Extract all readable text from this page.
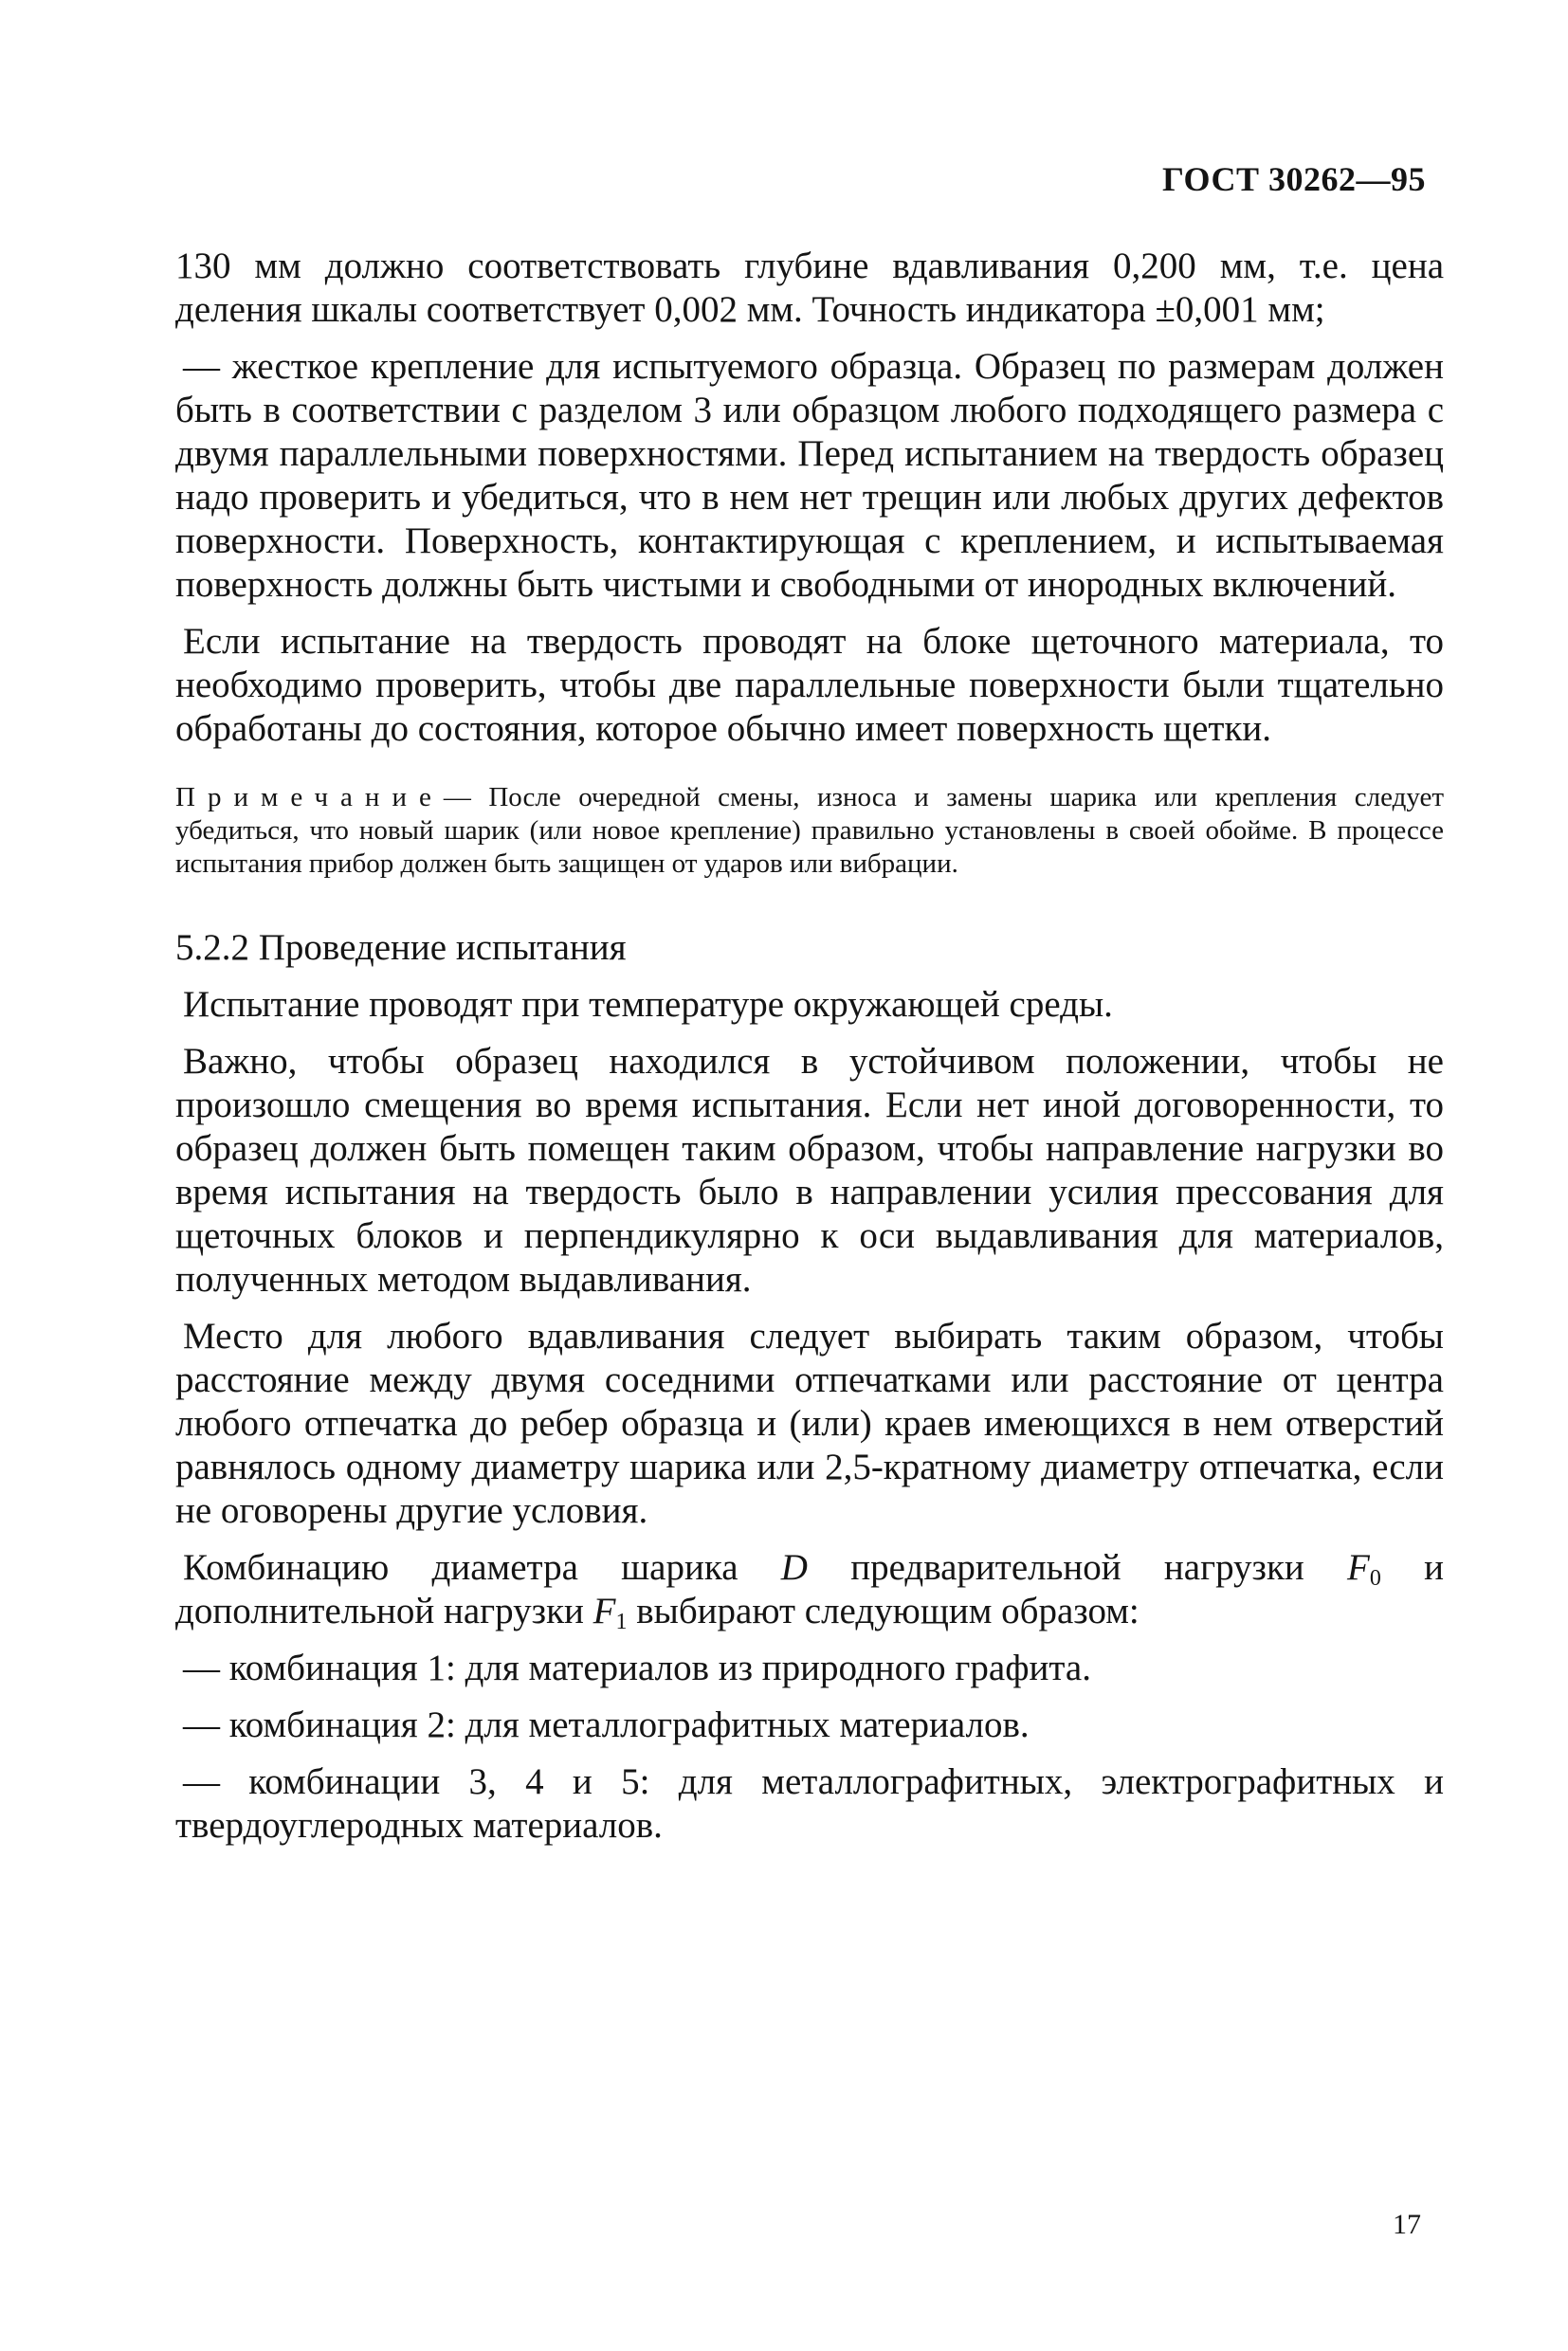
ГОСТ 30262—95

130 мм должно соответствовать глубине вдавливания 0,200 мм, т.е. цена деления шкалы соответствует 0,002 мм. Точность индикатора ±0,001 мм;

— жесткое крепление для испытуемого образца. Образец по размерам должен быть в соответствии с разделом 3 или образцом любого подходящего размера с двумя параллельными поверхностями. Перед испытанием на твердость образец надо проверить и убедиться, что в нем нет трещин или любых других дефектов поверхности. Поверхность, контактирующая с креплением, и испытываемая поверхность должны быть чистыми и свободными от инородных включений.

Если испытание на твердость проводят на блоке щеточного материала, то необходимо проверить, чтобы две параллельные поверхности были тщательно обработаны до состояния, которое обычно имеет поверхность щетки.

Примечание— После очередной смены, износа и замены шарика или крепления следует убедиться, что новый шарик (или новое крепление) правильно установлены в своей обойме. В процессе испытания прибор должен быть защищен от ударов или вибрации.

5.2.2 Проведение испытания

Испытание проводят при температуре окружающей среды.

Важно, чтобы образец находился в устойчивом положении, чтобы не произошло смещения во время испытания. Если нет иной договоренности, то образец должен быть помещен таким образом, чтобы направление нагрузки во время испытания на твердость было в направлении усилия прессования для щеточных блоков и перпендикулярно к оси выдавливания для материалов, полученных методом выдавливания.

Место для любого вдавливания следует выбирать таким образом, чтобы расстояние между двумя соседними отпечатками или расстояние от центра любого отпечатка до ребер образца и (или) краев имеющихся в нем отверстий равнялось одному диаметру шарика или 2,5-кратному диаметру отпечатка, если не оговорены другие условия.

Комбинацию диаметра шарика D предварительной нагрузки $F_0$ и дополнительной нагрузки $F_1$ выбирают следующим образом:

— комбинация 1: для материалов из природного графита.

— комбинация 2: для металлографитных материалов.

— комбинации 3, 4 и 5: для металлографитных, электрографитных и твердоуглеродных материалов.

17
